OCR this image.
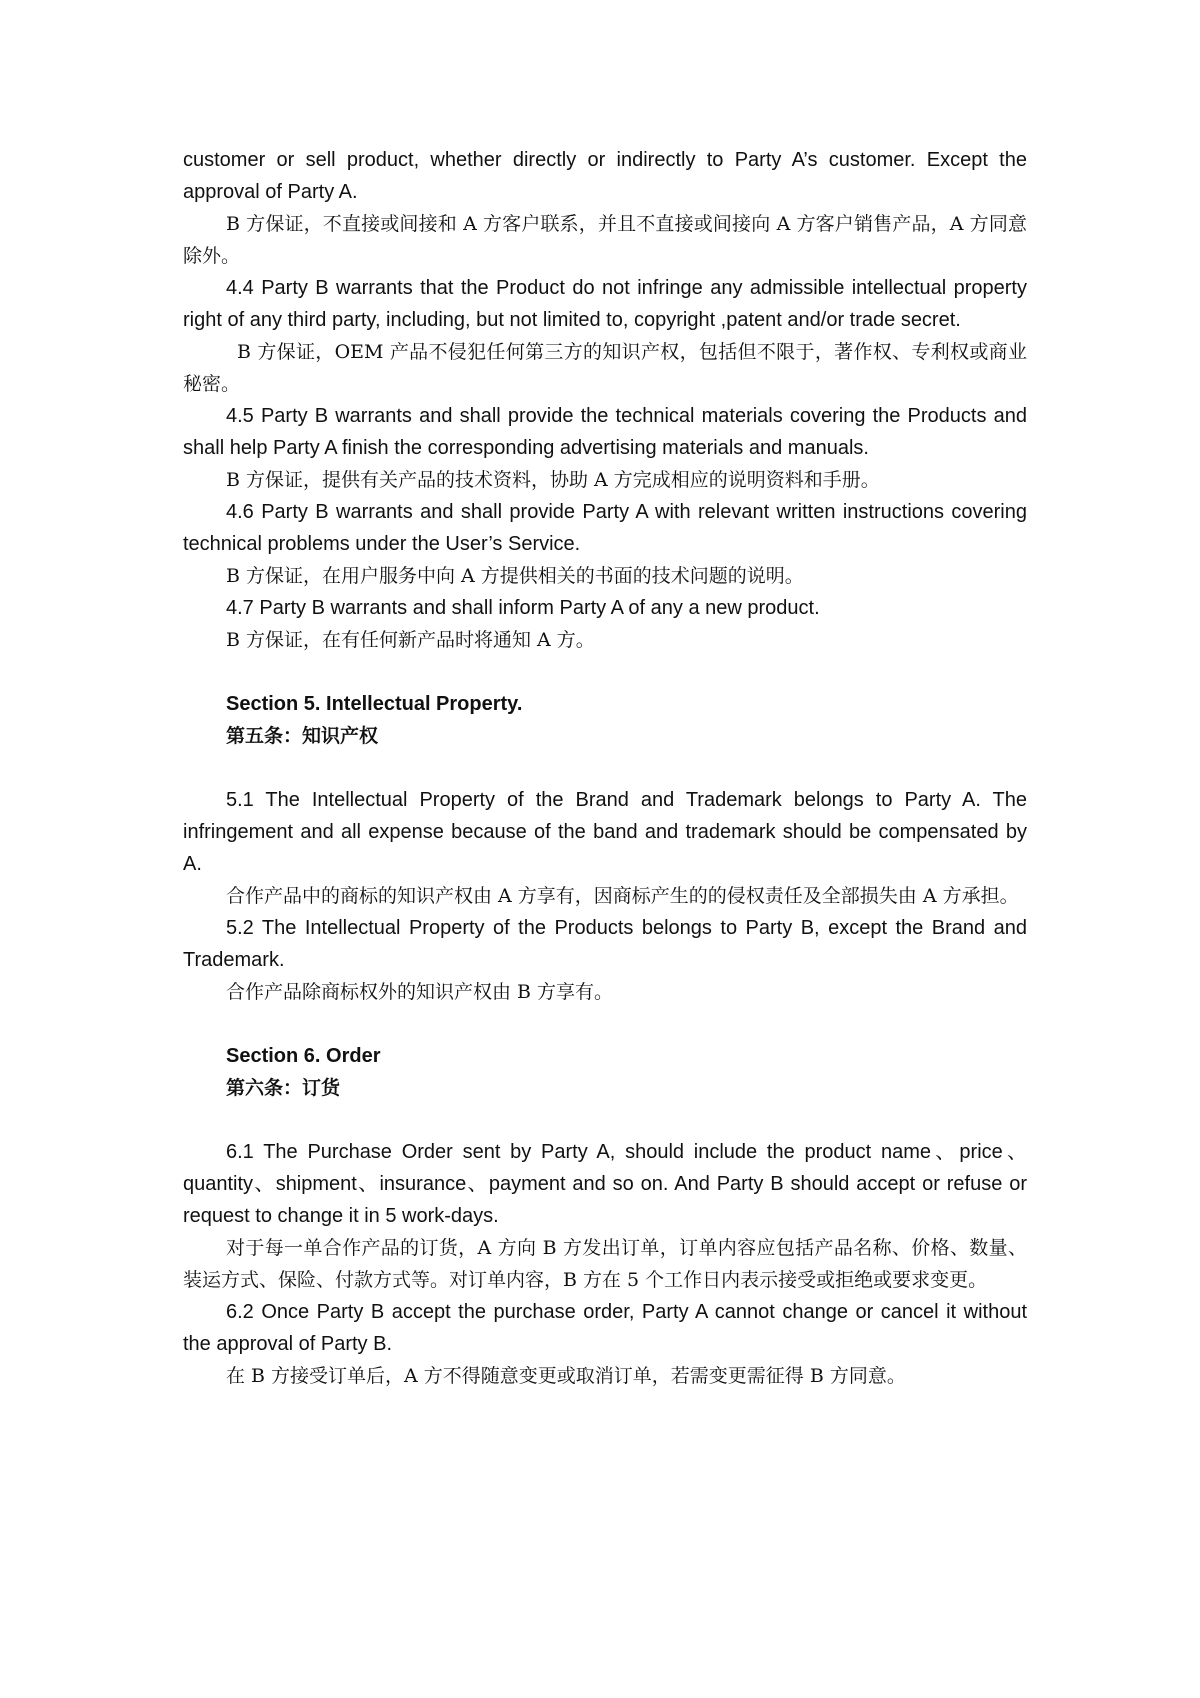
customer or sell product, whether directly or indirectly to Party A’s customer. Except the approval of Party A.

B 方保证，不直接或间接和 A 方客户联系，并且不直接或间接向 A 方客户销售产品，A 方同意除外。

4.4 Party B warrants that the Product do not infringe any admissible intellectual property right of any third party, including, but not limited to, copyright ,patent and/or trade secret.

B 方保证，OEM 产品不侵犯任何第三方的知识产权，包括但不限于，著作权、专利权或商业秘密。

4.5 Party B warrants and shall provide the technical materials covering the Products and shall help Party A finish the corresponding advertising materials and manuals.

B 方保证，提供有关产品的技术资料，协助 A 方完成相应的说明资料和手册。

4.6 Party B warrants and shall provide Party A with relevant written instructions covering technical problems under the User’s Service.

B 方保证，在用户服务中向 A 方提供相关的书面的技术问题的说明。

4.7 Party B warrants and shall inform Party A of any a new product.

B 方保证，在有任何新产品时将通知 A 方。

Section 5. Intellectual Property.

第五条：知识产权

5.1 The Intellectual Property of the Brand and Trademark belongs to Party A. The infringement and all expense because of the band and trademark should be compensated by A.

合作产品中的商标的知识产权由 A 方享有，因商标产生的的侵权责任及全部损失由 A 方承担。

5.2 The Intellectual Property of the Products belongs to Party B, except the Brand and Trademark.

合作产品除商标权外的知识产权由 B 方享有。

Section 6. Order

第六条：订货

6.1 The Purchase Order sent by Party A, should include the product name、price、quantity、shipment、insurance、payment and so on. And Party B should accept or refuse or request to change it in 5 work-days.

对于每一单合作产品的订货，A 方向 B 方发出订单，订单内容应包括产品名称、价格、数量、装运方式、保险、付款方式等。对订单内容，B 方在 5 个工作日内表示接受或拒绝或要求变更。

6.2 Once Party B accept the purchase order, Party A cannot change or cancel it without the approval of Party B.

在 B 方接受订单后，A 方不得随意变更或取消订单，若需变更需征得 B 方同意。
